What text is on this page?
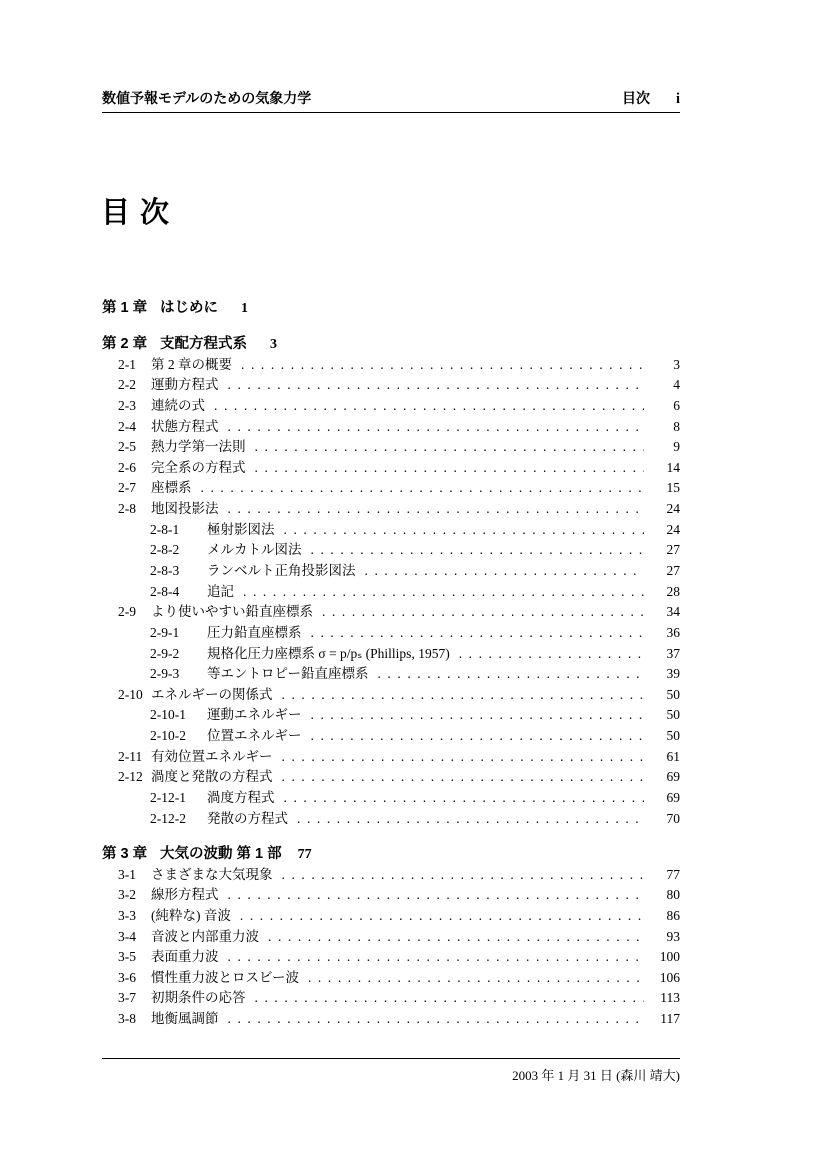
数値予報モデルのための気象力学	目次 i
目 次
第 1 章 はじめに	1
第 2 章 支配方程式系	3
2-1	第 2 章の概要 . . .	3
2-2	運動方程式 . . .	4
2-3	連続の式 . . .	6
2-4	状態方程式 . . .	8
2-5	熱力学第一法則 . . .	9
2-6	完全系の方程式 . . .	14
2-7	座標系 . . .	15
2-8	地図投影法 . . .	24
2-8-1	極射影図法 . . .	24
2-8-2	メルカトル図法 . . .	27
2-8-3	ランベルト正角投影図法 . . .	27
2-8-4	追記 . . .	28
2-9	より使いやすい鉛直座標系 . . .	34
2-9-1	圧力鉛直座標系 . . .	36
2-9-2	規格化圧力座標系 σ = p/pₛ (Phillips, 1957) . . .	37
2-9-3	等エントロピー鉛直座標系 . . .	39
2-10 エネルギーの関係式 . . .	50
2-10-1	運動エネルギー . . .	50
2-10-2	位置エネルギー . . .	50
2-11 有効位置エネルギー . . .	61
2-12 渦度と発散の方程式 . . .	69
2-12-1	渦度方程式 . . .	69
2-12-2	発散の方程式 . . .	70
第 3 章 大気の波動 第 1 部	77
3-1	さまざまな大気現象 . . .	77
3-2	線形方程式 . . .	80
3-3	(純粋な) 音波 . . .	86
3-4	音波と内部重力波 . . .	93
3-5	表面重力波 . . .	100
3-6	慣性重力波とロスビー波 . . .	106
3-7	初期条件の応答 . . .	113
3-8	地衡風調節 . . .	117
2003 年 1 月 31 日 (森川 靖大)
